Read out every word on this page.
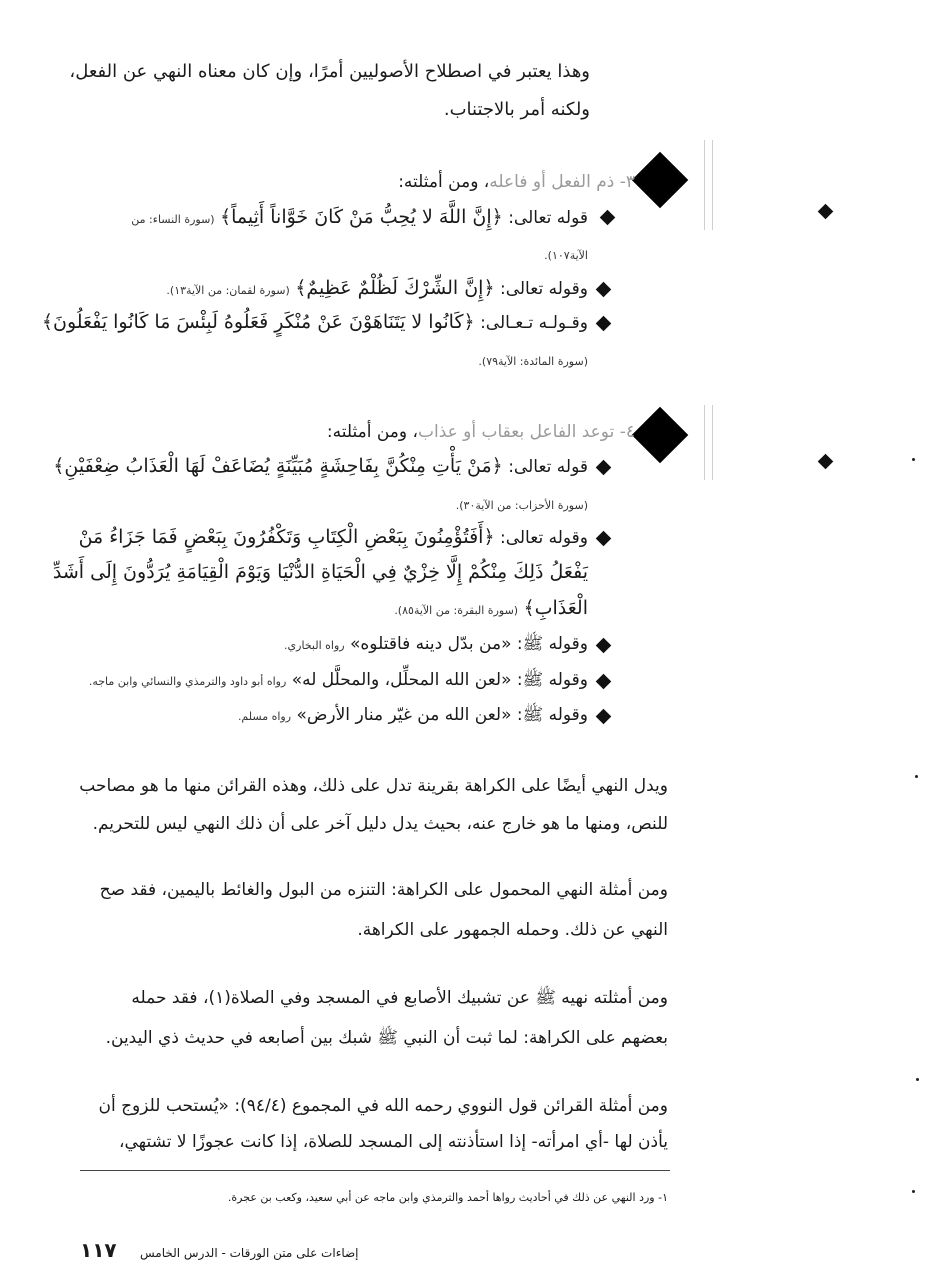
وهذا يعتبر في اصطلاح الأصوليين أمرًا، وإن كان معناه النهي عن الفعل،
ولكنه أمر بالاجتناب.
٣- ذم الفعل أو فاعله، ومن أمثلته:
قوله تعالى: ﴿إِنَّ اللَّهَ لا يُحِبُّ مَنْ كَانَ خَوَّاناً أَثِيماً﴾ (سورة النساء: من
الآية١٠٧).
وقوله تعالى: ﴿إِنَّ الشِّرْكَ لَظُلْمٌ عَظِيمٌ﴾ (سورة لقمان: من الآية١٣).
وقـولـه تـعـالى: ﴿كَانُوا لا يَتَنَاهَوْنَ عَنْ مُنْكَرٍ فَعَلُوهُ لَبِئْسَ مَا كَانُوا يَفْعَلُونَ﴾
(سورة المائدة: الآية٧٩).
٤- توعد الفاعل بعقاب أو عذاب، ومن أمثلته:
قوله تعالى: ﴿مَنْ يَأْتِ مِنْكُنَّ بِفَاحِشَةٍ مُبَيِّنَةٍ يُضَاعَفْ لَهَا الْعَذَابُ ضِعْفَيْنِ﴾
(سورة الأحزاب: من الآية٣٠).
وقوله تعالى: ﴿أَفَتُؤْمِنُونَ بِبَعْضِ الْكِتَابِ وَتَكْفُرُونَ بِبَعْضٍ فَمَا جَزَاءُ مَنْ
يَفْعَلُ ذَلِكَ مِنْكُمْ إِلَّا خِزْيٌ فِي الْحَيَاةِ الدُّنْيَا وَيَوْمَ الْقِيَامَةِ يُرَدُّونَ إِلَى أَشَدِّ
الْعَذَابِ﴾ (سورة البقرة: من الآية٨٥).
وقوله ﷺ: «من بدّل دينه فاقتلوه» رواه البخاري.
وقوله ﷺ: «لعن الله المحلِّل، والمحلَّل له» رواه أبو داود والترمذي والنسائي وابن ماجه.
وقوله ﷺ: «لعن الله من غيّر منار الأرض» رواه مسلم.
ويدل النهي أيضًا على الكراهة بقرينة تدل على ذلك، وهذه القرائن منها ما هو مصاحب
للنص، ومنها ما هو خارج عنه، بحيث يدل دليل آخر على أن ذلك النهي ليس للتحريم.
ومن أمثلة النهي المحمول على الكراهة: التنزه من البول والغائط باليمين، فقد صح
النهي عن ذلك. وحمله الجمهور على الكراهة.
ومن أمثلته نهيه ﷺ عن تشبيك الأصابع في المسجد وفي الصلاة(١)، فقد حمله
بعضهم على الكراهة: لما ثبت أن النبي ﷺ شبك بين أصابعه في حديث ذي اليدين.
ومن أمثلة القرائن قول النووي رحمه الله في المجموع (٩٤/٤): «يُستحب للزوج أن
يأذن لها -أي امرأته- إذا استأذنته إلى المسجد للصلاة، إذا كانت عجوزًا لا تشتهي،
١- ورد النهي عن ذلك في أحاديث رواها أحمد والترمذي وابن ماجه عن أبي سعيد، وكعب بن عجرة.
١١٧ إضاءات على متن الورقات - الدرس الخامس
